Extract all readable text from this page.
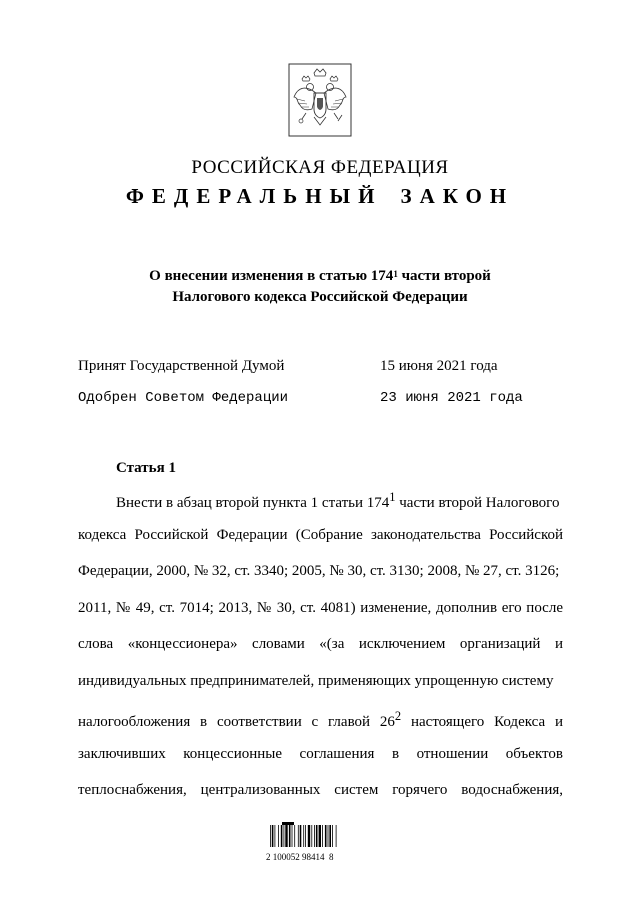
РОССИЙСКАЯ ФЕДЕРАЦИЯ
ФЕДЕРАЛЬНЫЙ ЗАКОН
О внесении изменения в статью $174^1$ части второй
Налогового кодекса Российской Федерации
Принят Государственной Думой	15 июня 2021 года
Одобрен Советом Федерации	23 июня 2021 года
Статья 1
Внести в абзац второй пункта 1 статьи $174^1$ части второй Налогового
кодекса Российской Федерации (Собрание законодательства Российской
Федерации, 2000, № 32, ст. 3340; 2005, № 30, ст. 3130; 2008, № 27, ст. 3126;
2011, № 49, ст. 7014; 2013, № 30, ст. 4081) изменение, дополнив его после
слова «концессионера» словами «(за исключением организаций и
индивидуальных предпринимателей, применяющих упрощенную систему
налогообложения в соответствии с главой $26^2$ настоящего Кодекса и
заключивших концессионные соглашения в отношении объектов
теплоснабжения, централизованных систем горячего водоснабжения,
2 100052 98414  8
